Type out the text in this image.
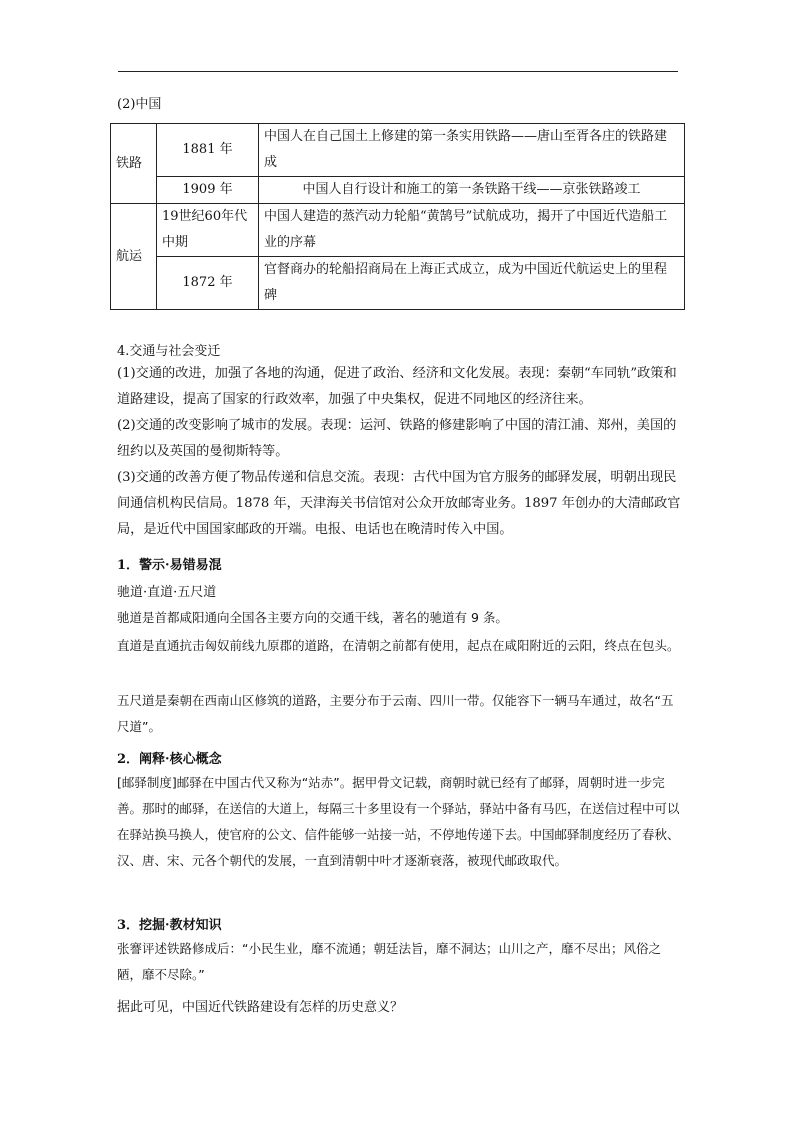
(2)中国
铁路	1881 年	中国人在自己国土上修建的第一条实用铁路——唐山至胥各庄的铁路建成
	1909 年	中国人自行设计和施工的第一条铁路干线——京张铁路竣工
航运	19世纪60年代中期	中国人建造的蒸汽动力轮船“黄鹄号”试航成功，揭开了中国近代造船工业的序幕
	1872 年	官督商办的轮船招商局在上海正式成立，成为中国近代航运史上的里程碑
4.交通与社会变迁
(1)交通的改进，加强了各地的沟通，促进了政治、经济和文化发展。表现：秦朝“车同轨”政策和道路建设，提高了国家的行政效率，加强了中央集权，促进不同地区的经济往来。
(2)交通的改变影响了城市的发展。表现：运河、铁路的修建影响了中国的清江浦、郑州，美国的纽约以及英国的曼彻斯特等。
(3)交通的改善方便了物品传递和信息交流。表现：古代中国为官方服务的邮驿发展，明朝出现民间通信机构民信局。1878 年，天津海关书信馆对公众开放邮寄业务。1897 年创办的大清邮政官局，是近代中国国家邮政的开端。电报、电话也在晚清时传入中国。
1．警示·易错易混
驰道·直道·五尺道
驰道是首都咸阳通向全国各主要方向的交通干线，著名的驰道有 9 条。
直道是直通抗击匈奴前线九原郡的道路，在清朝之前都有使用，起点在咸阳附近的云阳，终点在包头。
五尺道是秦朝在西南山区修筑的道路，主要分布于云南、四川一带。仅能容下一辆马车通过，故名“五尺道”。
2．阐释·核心概念
[邮驿制度]邮驿在中国古代又称为“站赤”。据甲骨文记载，商朝时就已经有了邮驿，周朝时进一步完善。那时的邮驿，在送信的大道上，每隔三十多里设有一个驿站，驿站中备有马匹，在送信过程中可以在驿站换马换人，使官府的公文、信件能够一站接一站，不停地传递下去。中国邮驿制度经历了春秋、汉、唐、宋、元各个朝代的发展，一直到清朝中叶才逐渐衰落，被现代邮政取代。
3．挖掘·教材知识
张謇评述铁路修成后：“小民生业，靡不流通；朝廷法旨，靡不洞达；山川之产，靡不尽出；风俗之陋，靡不尽除。”
据此可见，中国近代铁路建设有怎样的历史意义？
